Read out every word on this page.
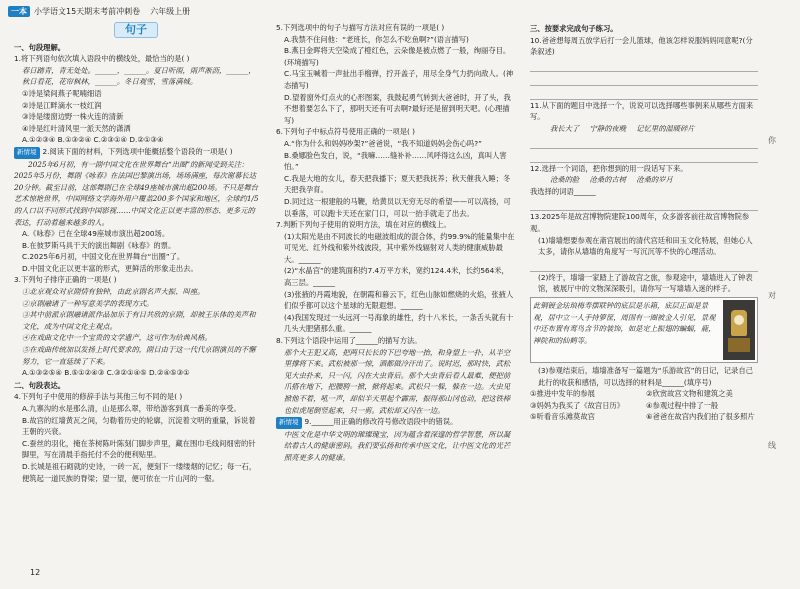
一本 小学语文15天期末考前冲刺卷 六年级上册
句子
一、句段理解。
1.将下列语句依次填入语段中的横线处，最恰当的是( )
春日踏青，青无处处。______，______。夏日听雨，雨声淅沥，______，秋日看花，花帘枫林，______。冬日观雪，雪落满城。
①诗是梁间燕子呢喃细语
②诗是江畔滴水一枝红润
③诗是缕窗边野一株火连的清新
④诗是红叶清风里一派天然的潇洒
A.①②③④ B.①③②④ C.②③①④ D.②①③④
新情境 2.阅读下面的材料，下列选项中能概括整个语段的一项是( )

2025年6月初，有一剧中国文化在世界舞台“出圈”的新闻受到关注：2025年5月份，舞剧《咏春》在法国巴黎演出场，场场满座，每次谢幕长达20分钟。截至目前，这部舞剧已在全球49座城市演出超200场。不只是舞台艺术惊艳世界，中国网络文学海外用户覆盖200多个国家和地区，全球约1/5的人口以不同形式找到中国影视……中国文化正以更丰富的形态、更多元的表达，打动着越来越多的人。

A.《咏春》已在全球49座城市演出超200场。
B.在彼罗斯马具干天的演出舞剧《咏春》的票。
C.2025年6月初，中国文化在世界舞台“出圈”了。
D.中国文化正以更丰富的形式，更鲜活的形象走出去。
3.下列句子排序正确的一项是( )
①北京观众对京剧情有独钟，由此京剧名声大振、叫座。
②京剧融诸了一种写意美学的表现方式。
③其中前派京剧融诸派作品加乐于有目共欣的京剧，却被王乐体的美声和文化，成为中国文化主观点。
④在戏曲文化中一个宝贵的文学遗产，这可作为给典风格。
⑤在戏曲传统加以发扬上时代要求的，剧目由于这一代代京剧演员的不懈努力，它一直延续了下来。
A.①③②⑤④ B.⑤①②④③ C.③②①④⑤ D.②④⑤③①
二、句段表达。
4.下列句子中使用的修辞手法与其他三句不同的是( )
A.九寨沟的水是那么清，山是那么翠，带给游客到真一番美的享受。
B.故宫的红墙黄瓦之间，匀勒着历史的轮廓，沉淀着文明的重量，诉说着王朝的兴衰。
C.蚕丝的羽化，掩在茶树陈叶陈刻门脚步声里，藏在围巾毛线间细密的针脚里，写在清晨手指托付不会的便利贴里。
D.长城是祖石砌就的史诗，一砖一瓦，便刻下一缕缕烟的记忆；每一石，便筑起一道民族的脊梁；望一望，便可依在一片山河的一壑。
5.下列选项中的句子与描写方法对应有误的一项是( )
A.我禁不住问他：“老班长，你怎么不吃鱼啊?”(语言描写)
B.燕日金晖将天空染成了橙红色，云朵像是被点燃了一般，绚丽夺目。(环境描写)
C.马宝玉喊着一声扯出手榴弹，拧开盖子，用尽全身气力扔向敌人。(神态描写)
D.望着窗外灯点火的心形图案，我鼓起勇气转到大爸爸时，开了头，我不想着要怎么下了，那明天还有可去啊?最好还是留到明天吧。(心理描写)
6.下列句子中标点符号使用正确的一项是( )
A.“你为什么和妈妈吵架?”爸爸说，“我不知道妈妈会伤心吗?”
B.桑娜脸色发白，说，“我嘛……缝补补……风呼得这么凶，真叫人害怕。”
C.我是大地的女儿，春天把我播下；夏天把我抚养；秋天催我入睡；冬天把我孕育。
D.同过这一根建般的马鞭，给黄员以无穷无尽的希望——可以高扬，可以垂落，可以跑卡天还在家门口，可以一抬手就走了出去。
7.判断下列句子使用的说明方法，填在对应的横线上。
(1)太阳光是由不同波长的电磁波组成的混合体，约99.9%的能量集中在可见光、红外线和紫外线波段，其中紫外线辐射对人类的健康威胁最大。______
(2)“水晶宫”的建筑面积约7.4万平方米，宽约124.4米，长约564米，高三层。______
(3)张掖的丹霞地貌，在朝霞和暮云下，红色山脉如燃烧的火焰，张掖人们似乎都可以这个星球的无限遐想。______
(4)我国发现过一头远河一号海象的雄性，约十八米长，一条舌头就有十几头大肥猪那么重。______
8.下列这个语段中运用了______的描写方法。
那个大王犯又高，把两只长长的下巴夸地一抬，和身望上一扑，从半空里撑将下来。武松被那一惊，酒都做冷汗出了。说时迟，那时快，武松见大虫扑来，只一闪，闪在大虫背后。那个大虫背后看人最难，便把前爪搭在地下，把腰胯一掀，掀将起来。武松只一躲，躲在一边。大虫见掀他不着，吼一声，却似半天里起个霹雳，振得那山冈也动，把这铁棒也似虎尾倒竖起来，只一剪。武松却又闪在一边。
新情境 9.______用正确的修改符号修改语段中的错误。
中医文化是中华文明的璀璨瑰宝，因为蕴含着深邃的哲学智慧，所以凝结着古人的健康密码。我们要弘扬和传承中医文化，让中医文化的光芒照亮更多人的健康。
三、按要求完成句子练习。
10.爸爸想每周五放学后打一会儿篮球，他该怎样说服妈妈同意呢?(分条叙述)
11.从下面的题目中选择一个，说说可以选择哪些事例来从哪些方面来写。
我长大了 宁静的夜晚 记忆里的温暖碎片
12.选择一个词语，把你想到的用一段话写下来。
沧桑的脸 沧桑的古树 沧桑的岁月
我选择的词语______
13.2025年是故宫博物院建院100周年，众多游客前往故宫博物院参观。
(1)墙墙想要参观在斋宫展出的清代宫廷和田玉文化特展，但她心人太多，请你从墙墙的角度写一写沉沉等不快的心理活动。
(2)终于，墙墙一家踏上了游故宫之旅，参观途中，墙墙进入了钟表馆，被展厅中的文物深深吸引，请你写一写墙墙入迷的样子。
此铜镀金珐琅梅寿摆联钟的底层是乐箱，底层正面是景观，居中立一人手持箩筐，周围有一圈被金人引见，景观中还布置有鸾鸟含节的装饰，如是定上振翅的蝙蝠，鹿，禅院和的仙鹤等。
(3)参观结束后，墙墙准备写一篇题为“乐游故宫”的日记，记录自己此行的收获和感悟，可以选择的材料是______(填序号)
①推进中发年的参展	②欣赏故宫文物和建筑之美
③妈妈为我买了《故宫日历》	④参观过程中排了一般
⑤听看音乐滩莫故宫	⑥爸爸在故宫内我们拍了很多照片
你
对
线
12
